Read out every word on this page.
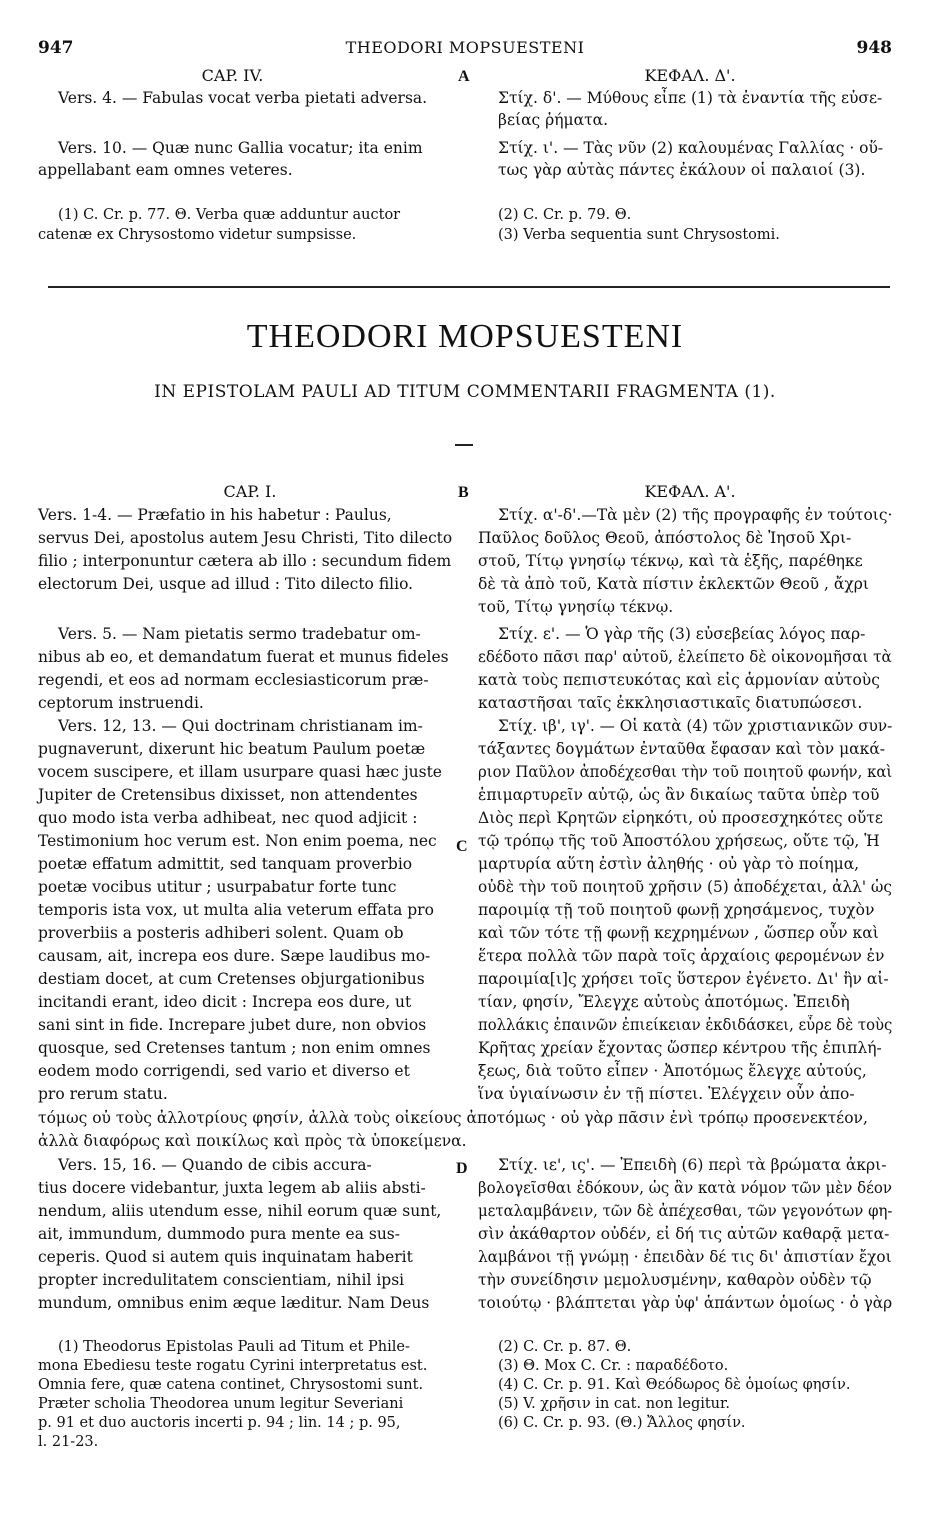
947	THEODORI MOPSUESTENI	948
CAP. IV.	A	ΚΕΦΑΛ. Δ'.
Vers. 4. — Fabulas vocat verba pietati adversa.
Vers. 10. — Quæ nunc Gallia vocatur; ita enim
appellabant eam omnes veteres.
Στίχ. δ'. — Μύθους εἶπε (1) τὰ ἐναντία τῆς εὐσε-
βείας ῥήματα.
Στίχ. ι'. — Τὰς νῦν (2) καλουμένας Γαλλίας · οὕ-
τως γὰρ αὐτὰς πάντες ἐκάλουν οἱ παλαιοί (3).
(1) C. Cr. p. 77. Θ. Verba quæ adduntur auctor
catenæ ex Chrysostomo videtur sumpsisse.
(2) C. Cr. p. 79. Θ.
(3) Verba sequentia sunt Chrysostomi.
THEODORI MOPSUESTENI
IN EPISTOLAM PAULI AD TITUM COMMENTARII FRAGMENTA (1).
CAP. I.	B	ΚΕΦΑΛ. Α'.
Vers. 1-4. — Præfatio in his habetur : Paulus,
servus Dei, apostolus autem Jesu Christi, Tito dilecto
filio ; interponuntur cætera ab illo : secundum fidem
electorum Dei, usque ad illud : Tito dilecto filio.
Vers. 5. — Nam pietatis sermo tradebatur om-
nibus ab eo, et demandatum fuerat et munus fideles
regendi, et eos ad normam ecclesiasticorum præ-
ceptorum instruendi.
Vers. 12, 13. — Qui doctrinam christianam im-
pugnaverunt, dixerunt hic beatum Paulum poetæ
vocem suscipere, et illam usurpare quasi hæc juste
Jupiter de Cretensibus dixisset, non attendentes
quo modo ista verba adhibeat, nec quod adjicit :
Testimonium hoc verum est. Non enim poema, nec
poetæ effatum admittit, sed tanquam proverbio
poetæ vocibus utitur ; usurpabatur forte tunc
temporis ista vox, ut multa alia veterum effata pro
proverbiis a posteris adhiberi solent. Quam ob
causam, ait, increpa eos dure. Sæpe laudibus mo-
destiam docet, at cum Cretenses objurgationibus
incitandi erant, ideo dicit : Increpa eos dure, ut
sani sint in fide. Increpare jubet dure, non obvios
quosque, sed Cretenses tantum ; non enim omnes
eodem modo corrigendi, sed vario et diverso et
pro rerum statu.
C
Στίχ. α'-δ'.—Τὰ μὲν (2) τῆς προγραφῆς ἐν τούτοις·
Παῦλος δοῦλος Θεοῦ, ἀπόστολος δὲ Ἰησοῦ Χρι-
στοῦ, Τίτῳ γνησίῳ τέκνῳ, καὶ τὰ ἑξῆς, παρέθηκε
δὲ τὰ ἀπὸ τοῦ, Κατὰ πίστιν ἐκλεκτῶν Θεοῦ , ἄχρι
τοῦ, Τίτῳ γνησίῳ τέκνῳ.
Στίχ. ε'. — Ὁ γὰρ τῆς (3) εὐσεβείας λόγος παρ-
εδέδοτο πᾶσι παρ' αὐτοῦ, ἐλείπετο δὲ οἰκονομῆσαι τὰ
κατὰ τοὺς πεπιστευκότας καὶ εἰς ἁρμονίαν αὐτοὺς
καταστῆσαι ταῖς ἐκκλησιαστικαῖς διατυπώσεσι.
Στίχ. ιβ', ιγ'. — Οἱ κατὰ (4) τῶν χριστιανικῶν συν-
τάξαντες δογμάτων ἐνταῦθα ἔφασαν καὶ τὸν μακά-
ριον Παῦλον ἀποδέχεσθαι τὴν τοῦ ποιητοῦ φωνήν, καὶ
ἐπιμαρτυρεῖν αὐτῷ, ὡς ἂν δικαίως ταῦτα ὑπὲρ τοῦ
Διὸς περὶ Κρητῶν εἰρηκότι, οὐ προσεσχηκότες οὔτε
τῷ τρόπῳ τῆς τοῦ Ἀποστόλου χρήσεως, οὔτε τῷ, Ἡ
μαρτυρία αὕτη ἐστὶν ἀληθής · οὐ γὰρ τὸ ποίημα,
οὐδὲ τὴν τοῦ ποιητοῦ χρῆσιν (5) ἀποδέχεται, ἀλλ' ὡς
παροιμίᾳ τῇ τοῦ ποιητοῦ φωνῇ χρησάμενος, τυχὸν
καὶ τῶν τότε τῇ φωνῇ κεχρημένων , ὥσπερ οὖν καὶ
ἕτερα πολλὰ τῶν παρὰ τοῖς ἀρχαίοις φερομένων ἐν
παροιμία[ι]ς χρήσει τοῖς ὕστερον ἐγένετο. Δι' ἣν αἰ-
τίαν, φησίν, Ἔλεγχε αὐτοὺς ἀποτόμως. Ἐπειδὴ
πολλάκις ἐπαινῶν ἐπιείκειαν ἐκδιδάσκει, εὗρε δὲ τοὺς
Κρῆτας χρείαν ἔχοντας ὥσπερ κέντρου τῆς ἐπιπλή-
ξεως, διὰ τοῦτο εἶπεν · Ἀποτόμως ἔλεγχε αὐτούς,
ἵνα ὑγιαίνωσιν ἐν τῇ πίστει. Ἐλέγχειν οὖν ἀπο-
τόμως οὐ τοὺς ἀλλοτρίους φησίν, ἀλλὰ τοὺς οἰκείους ἀποτόμως · οὐ γὰρ πᾶσιν ἑνὶ τρόπῳ προσενεκτέον,
ἀλλὰ διαφόρως καὶ ποικίλως καὶ πρὸς τὰ ὑποκείμενα.
D
Vers. 15, 16. — Quando de cibis accura-
tius docere videbantur, juxta legem ab aliis absti-
nendum, aliis utendum esse, nihil eorum quæ sunt,
ait, immundum, dummodo pura mente ea sus-
ceperis. Quod si autem quis inquinatam haberit
propter incredulitatem conscientiam, nihil ipsi
mundum, omnibus enim æque læditur. Nam Deus
Στίχ. ιε', ις'. — Ἐπειδὴ (6) περὶ τὰ βρώματα ἀκρι-
βολογεῖσθαι ἐδόκουν, ὡς ἂν κατὰ νόμον τῶν μὲν δέον
μεταλαμβάνειν, τῶν δὲ ἀπέχεσθαι, τῶν γεγονότων φη-
σὶν ἀκάθαρτον οὐδέν, εἰ δή τις αὐτῶν καθαρᾷ μετα-
λαμβάνοι τῇ γνώμῃ · ἐπειδὰν δέ τις δι' ἀπιστίαν ἔχοι
τὴν συνείδησιν μεμολυσμένην, καθαρὸν οὐδὲν τῷ
τοιούτῳ · βλάπτεται γὰρ ὑφ' ἁπάντων ὁμοίως · ὁ γὰρ
(1) Theodorus Epistolas Pauli ad Titum et Phile-
mona Ebediesu teste rogatu Cyrini interpretatus est.
Omnia fere, quæ catena continet, Chrysostomi sunt.
Præter scholia Theodorea unum legitur Severiani
p. 91 et duo auctoris incerti p. 94 ; lin. 14 ; p. 95,
l. 21-23.
(2) C. Cr. p. 87. Θ.
(3) Θ. Mox C. Cr. : παραδέδοτο.
(4) C. Cr. p. 91. Καὶ Θεόδωρος δὲ ὁμοίως φησίν.
(5) V. χρῆσιν in cat. non legitur.
(6) C. Cr. p. 93. (Θ.) Ἄλλος φησίν.
